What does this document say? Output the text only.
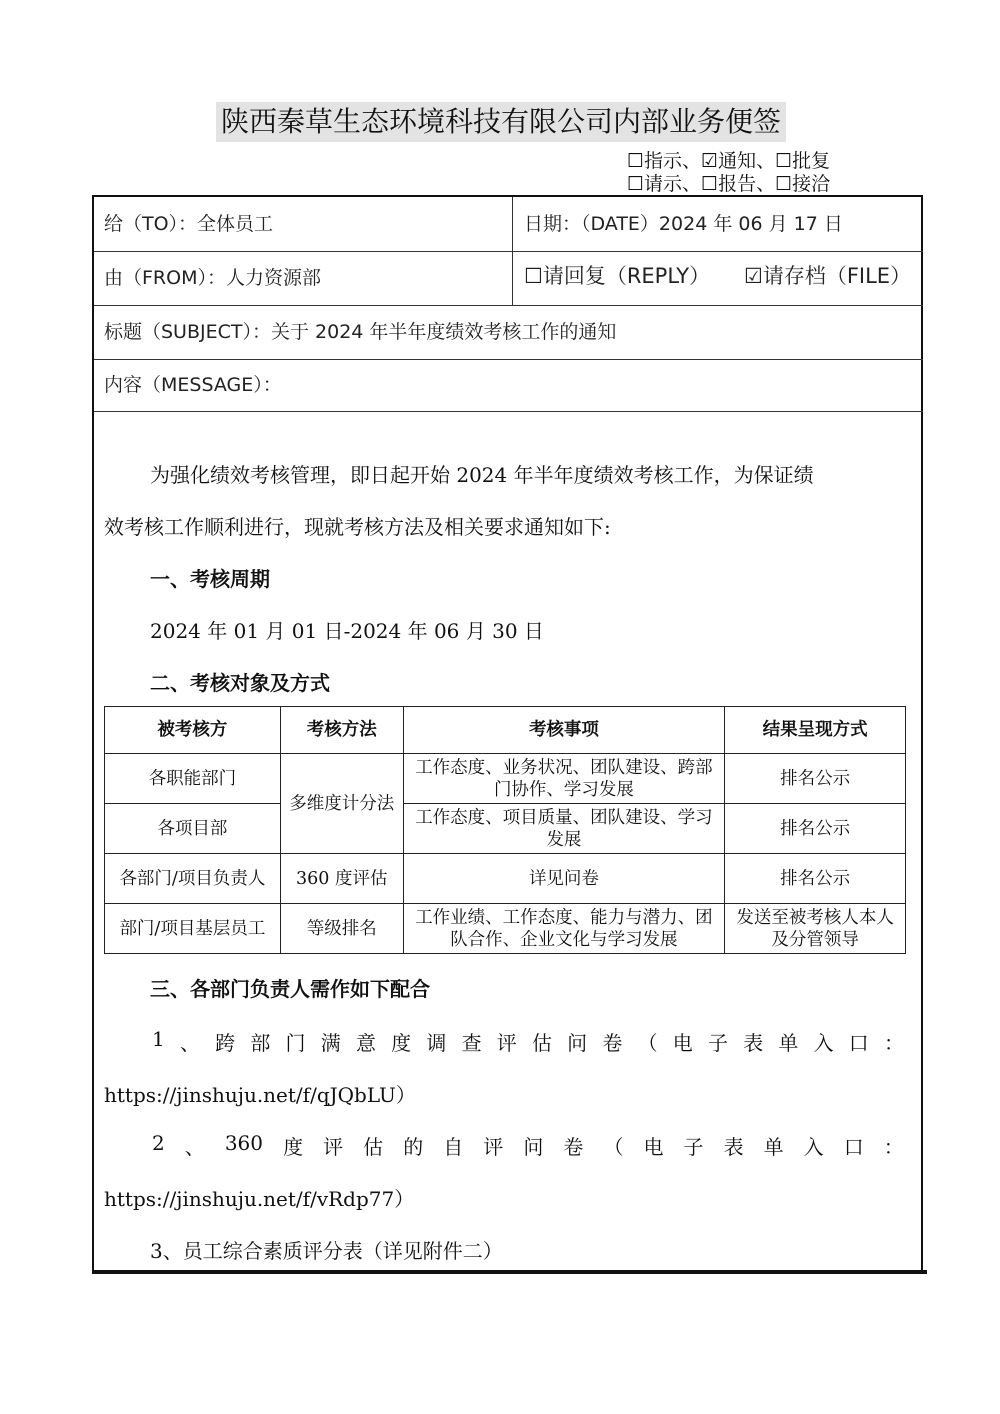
陕西秦草生态环境科技有限公司内部业务便签
☐指示、☑通知、☐批复
☐请示、☐报告、☐接洽
给（TO）：全体员工	日期：（DATE）2024 年 06 月 17 日
由（FROM）：人力资源部	☐请回复（REPLY） ☑请存档（FILE）
标题（SUBJECT）：关于 2024 年半年度绩效考核工作的通知
内容（MESSAGE）：
为强化绩效考核管理，即日起开始 2024 年半年度绩效考核工作，为保证绩
效考核工作顺利进行，现就考核方法及相关要求通知如下:
一、考核周期
2024 年 01 月 01 日-2024 年 06 月 30 日
二、考核对象及方式
被考核方	考核方法	考核事项	结果呈现方式
各职能部门	多维度计分法	工作态度、业务状况、团队建设、跨部门协作、学习发展	排名公示
各项目部		工作态度、项目质量、团队建设、学习发展	排名公示
各部门/项目负责人	360 度评估	详见问卷	排名公示
部门/项目基层员工	等级排名	工作业绩、工作态度、能力与潜力、团队合作、企业文化与学习发展	发送至被考核人本人及分管领导
三、各部门负责人需作如下配合
1 、 跨 部 门 满 意 度 调 查 评 估 问 卷 （ 电 子 表 单 入 口 ：
https://jinshuju.net/f/qJQbLU）
2 、 360 度 评 估 的 自 评 问 卷 （ 电 子 表 单 入 口 ：
https://jinshuju.net/f/vRdp77）
3、员工综合素质评分表（详见附件二）
